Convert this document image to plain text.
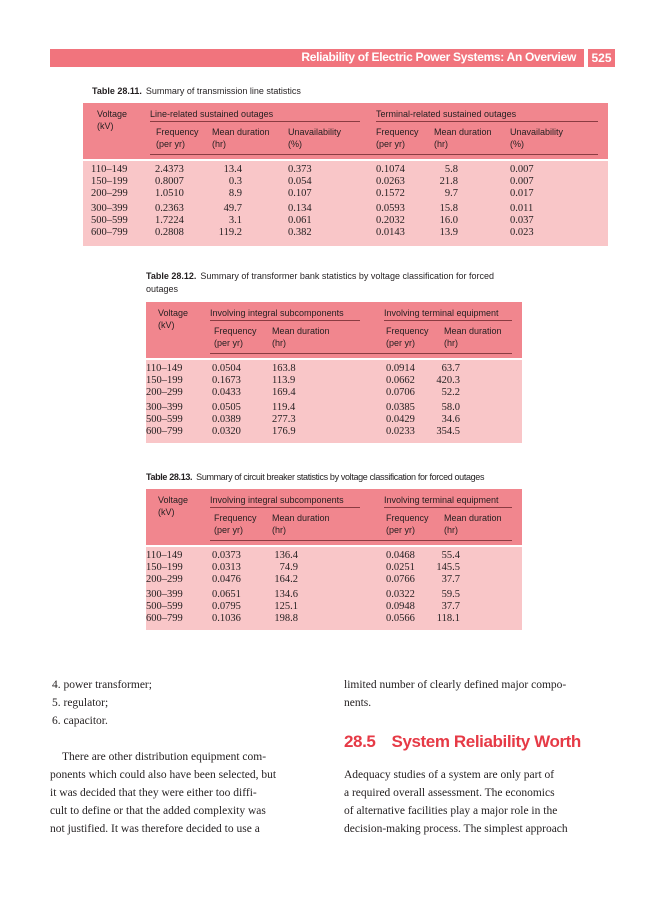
Reliability of Electric Power Systems: An Overview 525
Table 28.11. Summary of transmission line statistics
Voltage
(kV)
Line-related sustained outages	Terminal-related sustained outages
Frequency
(per yr)
Mean duration
(hr)
Unavailability
(%)
Frequency
(per yr)
Mean duration
(hr)
Unavailability
(%)
110–149	2.4373	13.4	0.373	0.1074	5.8	0.007
150–199	0.8007	0.3	0.054	0.0263	21.8	0.007
200–299	1.0510	8.9	0.107	0.1572	9.7	0.017
300–399	0.2363	49.7	0.134	0.0593	15.8	0.011
500–599	1.7224	3.1	0.061	0.2032	16.0	0.037
600–799	0.2808	119.2	0.382	0.0143	13.9	0.023
Table 28.12. Summary of transformer bank statistics by voltage classification for forced
outages
Voltage
(kV)
Involving integral subcomponents	Involving terminal equipment
Frequency
(per yr)
Mean duration
(hr)
Frequency
(per yr)
Mean duration
(hr)
110–149	0.0504	163.8	0.0914	63.7
150–199	0.1673	113.9	0.0662 420.3
200–299	0.0433	169.4	0.0706	52.2
300–399	0.0505	119.4	0.0385	58.0
500–599	0.0389	277.3	0.0429	34.6
600–799	0.0320	176.9	0.0233 354.5
Table 28.13. Summary of circuit breaker statistics by voltage classification for forced outages
Voltage
(kV)
Involving integral subcomponents	Involving terminal equipment
Frequency
(per yr)
Mean duration
(hr)
Frequency
(per yr)
Mean duration
(hr)
110–149	0.0373	136.4	0.0468	55.4
150–199	0.0313	74.9	0.0251 145.5
200–299	0.0476	164.2	0.0766	37.7
300–399	0.0651	134.6	0.0322	59.5
500–599	0.0795	125.1	0.0948	37.7
600–799	0.1036	198.8	0.0566 118.1
4. power transformer;
5. regulator;
6. capacitor.
There are other distribution equipment com-
ponents which could also have been selected, but
it was decided that they were either too diffi-
cult to define or that the added complexity was
not justified. It was therefore decided to use a
limited number of clearly defined major compo-
nents.
28.5 System Reliability Worth
Adequacy studies of a system are only part of
a required overall assessment. The economics
of alternative facilities play a major role in the
decision-making process. The simplest approach
